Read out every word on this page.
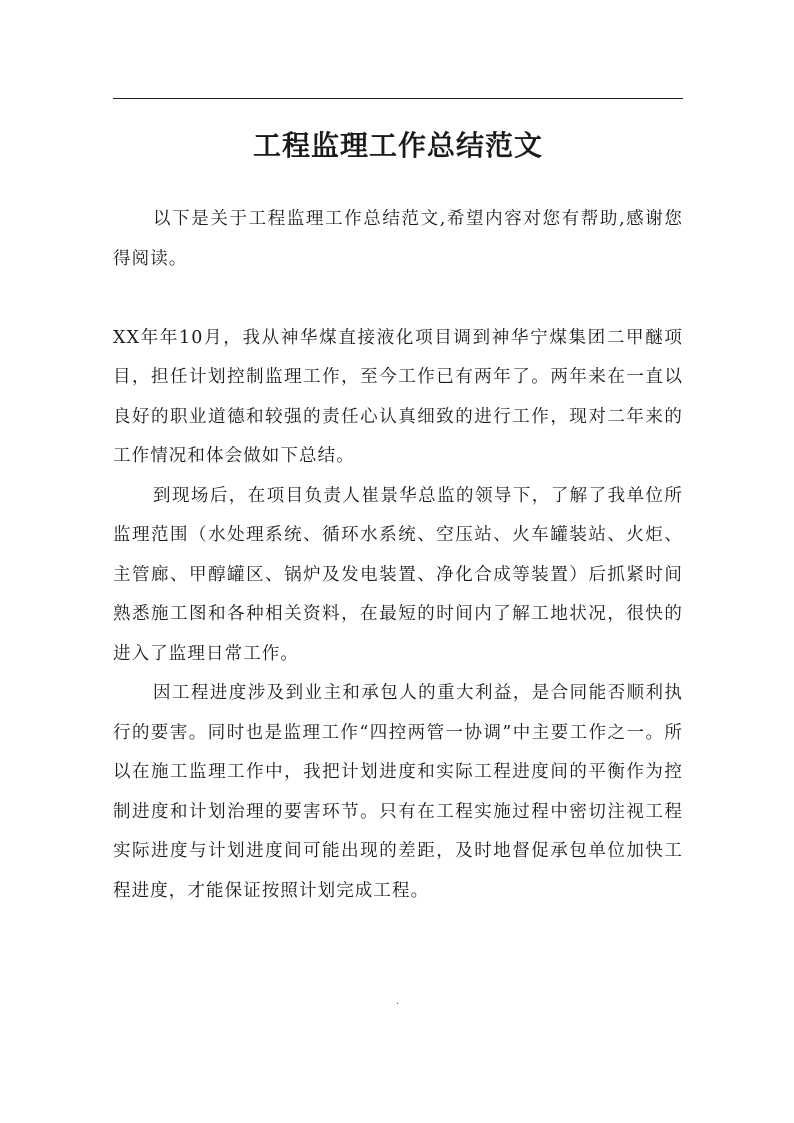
工程监理工作总结范文

以下是关于工程监理工作总结范文,希望内容对您有帮助,感谢您得阅读。

XX年年10月，我从神华煤直接液化项目调到神华宁煤集团二甲醚项目，担任计划控制监理工作，至今工作已有两年了。两年来在一直以良好的职业道德和较强的责任心认真细致的进行工作，现对二年来的工作情况和体会做如下总结。

到现场后，在项目负责人崔景华总监的领导下，了解了我单位所监理范围（水处理系统、循环水系统、空压站、火车罐装站、火炬、主管廊、甲醇罐区、锅炉及发电装置、净化合成等装置）后抓紧时间熟悉施工图和各种相关资料，在最短的时间内了解工地状况，很快的进入了监理日常工作。

因工程进度涉及到业主和承包人的重大利益，是合同能否顺利执行的要害。同时也是监理工作“四控两管一协调”中主要工作之一。所以在施工监理工作中，我把计划进度和实际工程进度间的平衡作为控制进度和计划治理的要害环节。只有在工程实施过程中密切注视工程实际进度与计划进度间可能出现的差距，及时地督促承包单位加快工程进度，才能保证按照计划完成工程。

.
